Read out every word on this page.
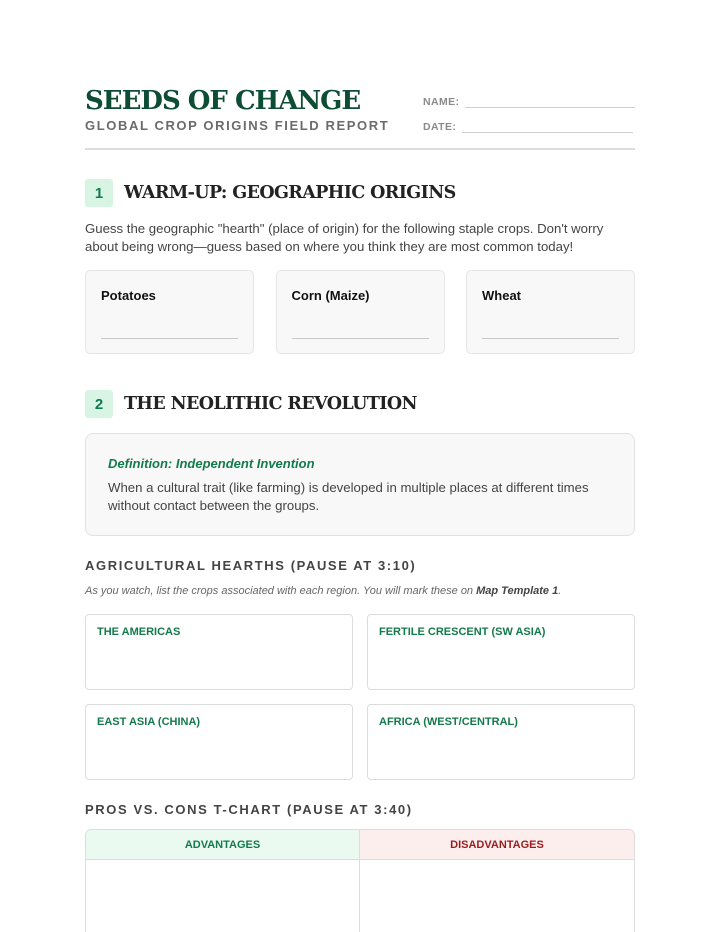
SEEDS OF CHANGE
GLOBAL CROP ORIGINS FIELD REPORT
NAME:
DATE:
1	WARM-UP: GEOGRAPHIC ORIGINS

Guess the geographic "hearth" (place of origin) for the following staple crops. Don't worry about being wrong—guess based on where you think they are most common today!

Potatoes	Corn (Maize)	Wheat
2	THE NEOLITHIC REVOLUTION
Definition: Independent Invention
When a cultural trait (like farming) is developed in multiple places at different times without contact between the groups.
AGRICULTURAL HEARTHS (PAUSE AT 3:10)
As you watch, list the crops associated with each region. You will mark these on Map Template 1.
THE AMERICAS	FERTILE CRESCENT (SW ASIA)
EAST ASIA (CHINA)	AFRICA (WEST/CENTRAL)
PROS VS. CONS T-CHART (PAUSE AT 3:40)
ADVANTAGES	DISADVANTAGES
